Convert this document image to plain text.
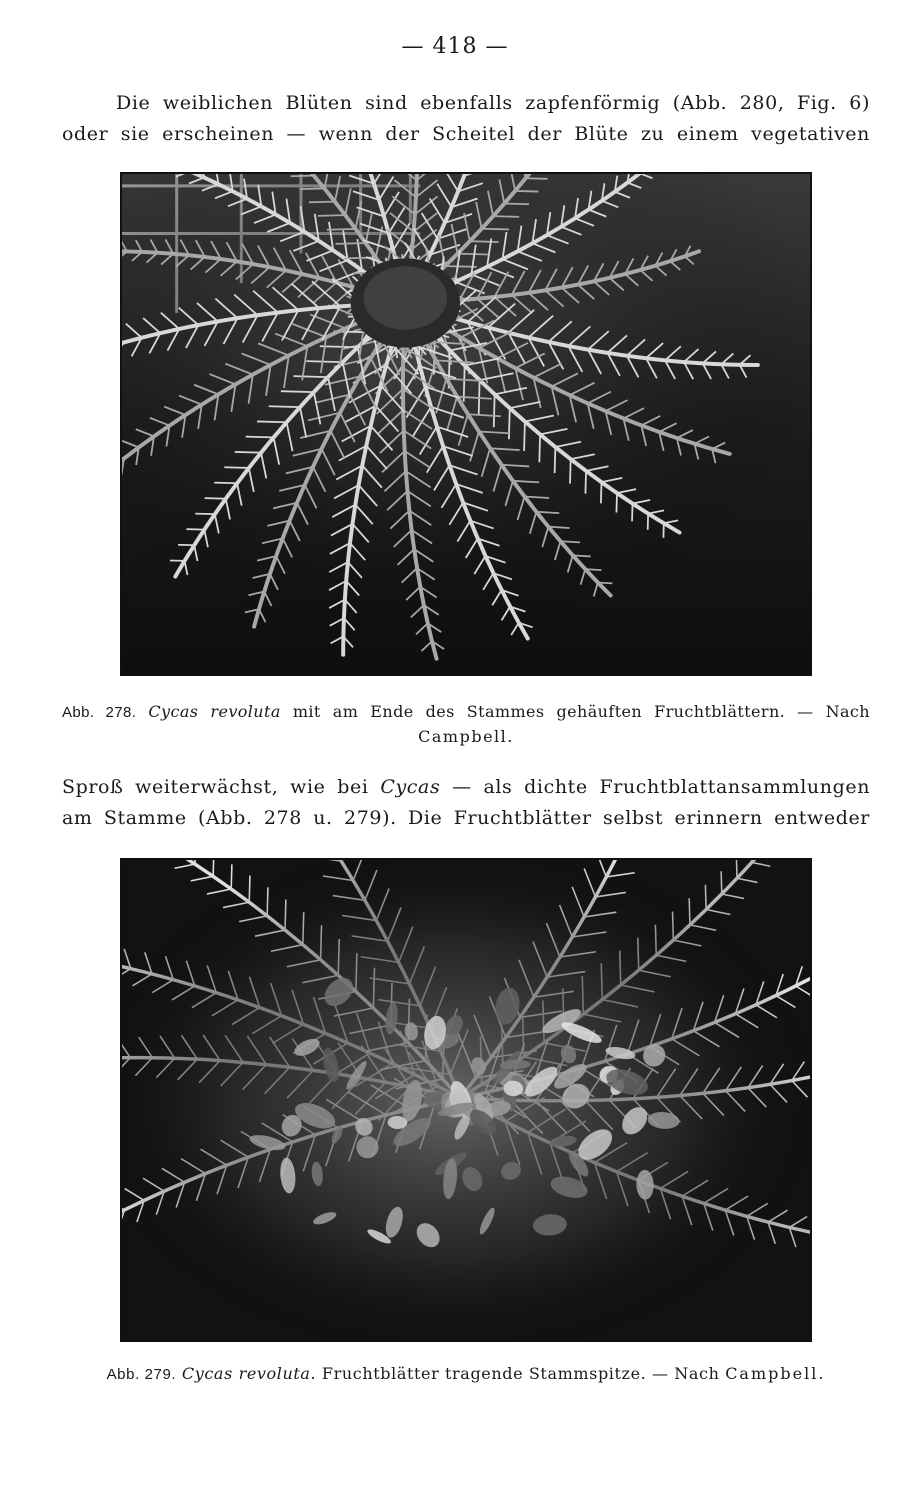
— 418 —
Die weiblichen Blüten sind ebenfalls zapfenförmig (Abb. 280, Fig. 6)
oder sie erscheinen — wenn der Scheitel der Blüte zu einem vegetativen
Abb. 278. Cycas revoluta mit am Ende des Stammes gehäuften Fruchtblättern. — Nach
Campbell.
Sproß weiterwächst, wie bei Cycas — als dichte Fruchtblattansammlungen
am Stamme (Abb. 278 u. 279). Die Fruchtblätter selbst erinnern entweder
Abb. 279. Cycas revoluta. Fruchtblätter tragende Stammspitze. — Nach Campbell.
